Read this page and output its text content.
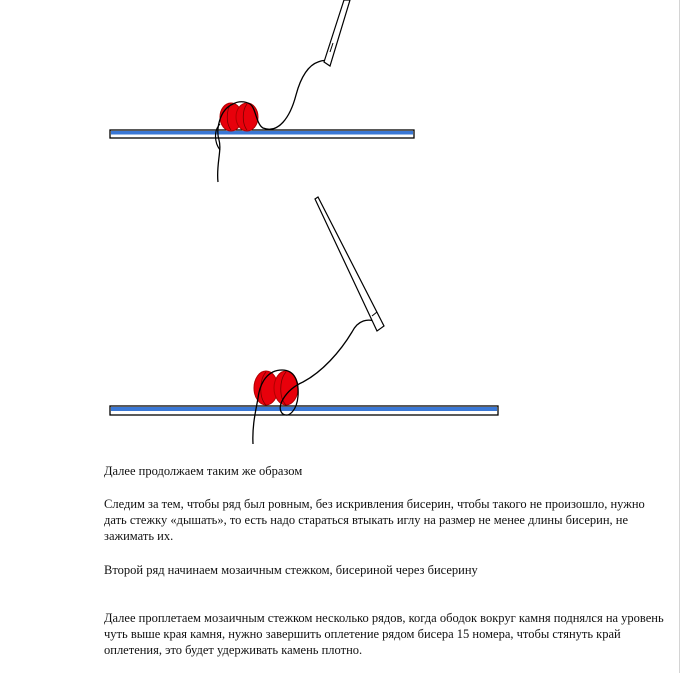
Далее продолжаем таким же образом

Следим за тем, чтобы ряд был ровным, без искривления бисерин, чтобы такого не произошло, нужно дать стежку «дышать», то есть надо стараться втыкать иглу на размер не менее длины бисерин, не зажимать их.

Второй ряд начинаем мозаичным стежком, бисериной через бисерину

Далее проплетаем мозаичным стежком несколько рядов, когда ободок вокруг камня поднялся на уровень чуть выше края камня, нужно завершить оплетение рядом бисера 15 номера, чтобы стянуть край оплетения, это будет удерживать камень плотно.
